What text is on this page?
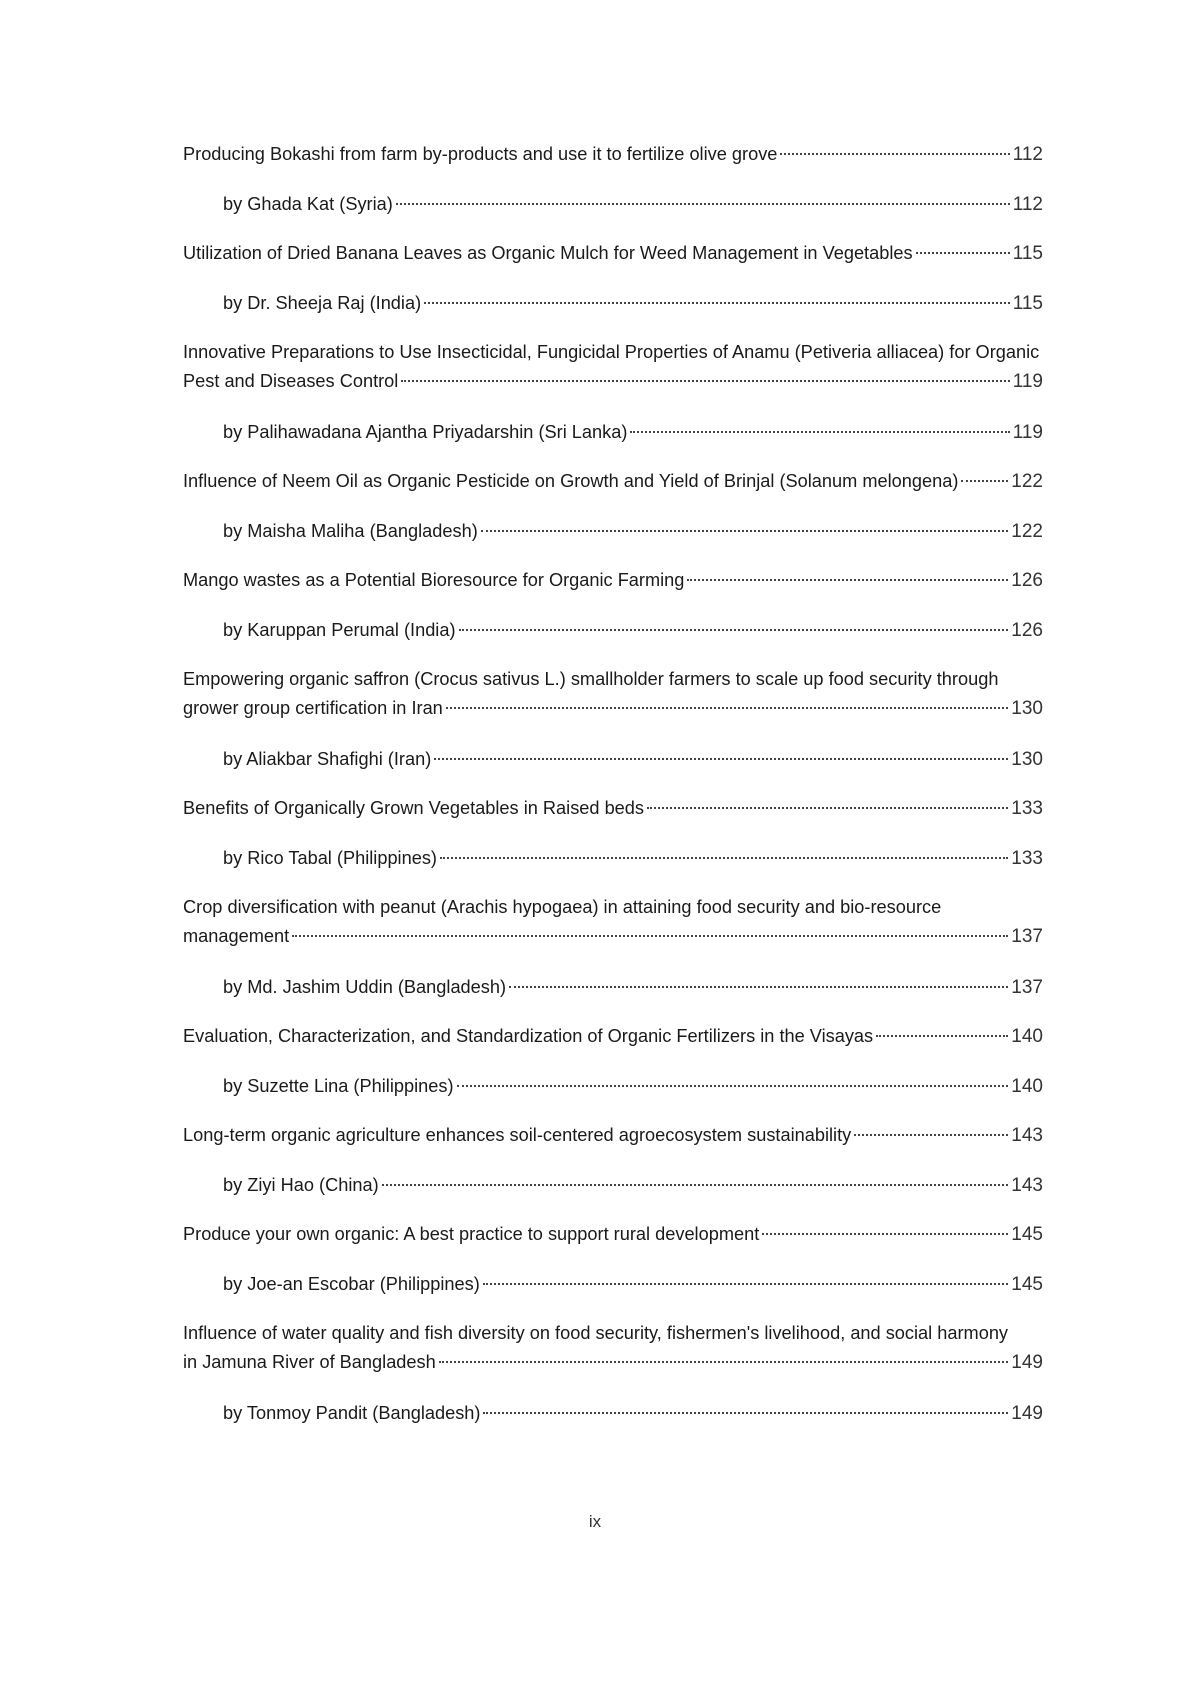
Producing Bokashi from farm by-products and use it to fertilize olive grove	112
by Ghada Kat (Syria)	112
Utilization of Dried Banana Leaves as Organic Mulch for Weed Management in Vegetables	115
by Dr. Sheeja Raj (India)	115
Innovative Preparations to Use Insecticidal, Fungicidal Properties of Anamu (Petiveria alliacea) for Organic
Pest and Diseases Control	119
by Palihawadana Ajantha Priyadarshin (Sri Lanka)	119
Influence of Neem Oil as Organic Pesticide on Growth and Yield of Brinjal (Solanum melongena)	122
by Maisha Maliha (Bangladesh)	122
Mango wastes as a Potential Bioresource for Organic Farming	126
by Karuppan Perumal (India)	126
Empowering organic saffron (Crocus sativus L.) smallholder farmers to scale up food security through
grower group certification in Iran	130
by Aliakbar Shafighi (Iran)	130
Benefits of Organically Grown Vegetables in Raised beds	133
by Rico Tabal (Philippines)	133
Crop diversification with peanut (Arachis hypogaea) in attaining food security and bio-resource
management	137
by Md. Jashim Uddin (Bangladesh)	137
Evaluation, Characterization, and Standardization of Organic Fertilizers in the Visayas	140
by Suzette Lina (Philippines)	140
Long-term organic agriculture enhances soil-centered agroecosystem sustainability	143
by Ziyi Hao (China)	143
Produce your own organic: A best practice to support rural development	145
by Joe-an Escobar (Philippines)	145
Influence of water quality and fish diversity on food security, fishermen's livelihood, and social harmony
in Jamuna River of Bangladesh	149
by Tonmoy Pandit (Bangladesh)	149
ix
